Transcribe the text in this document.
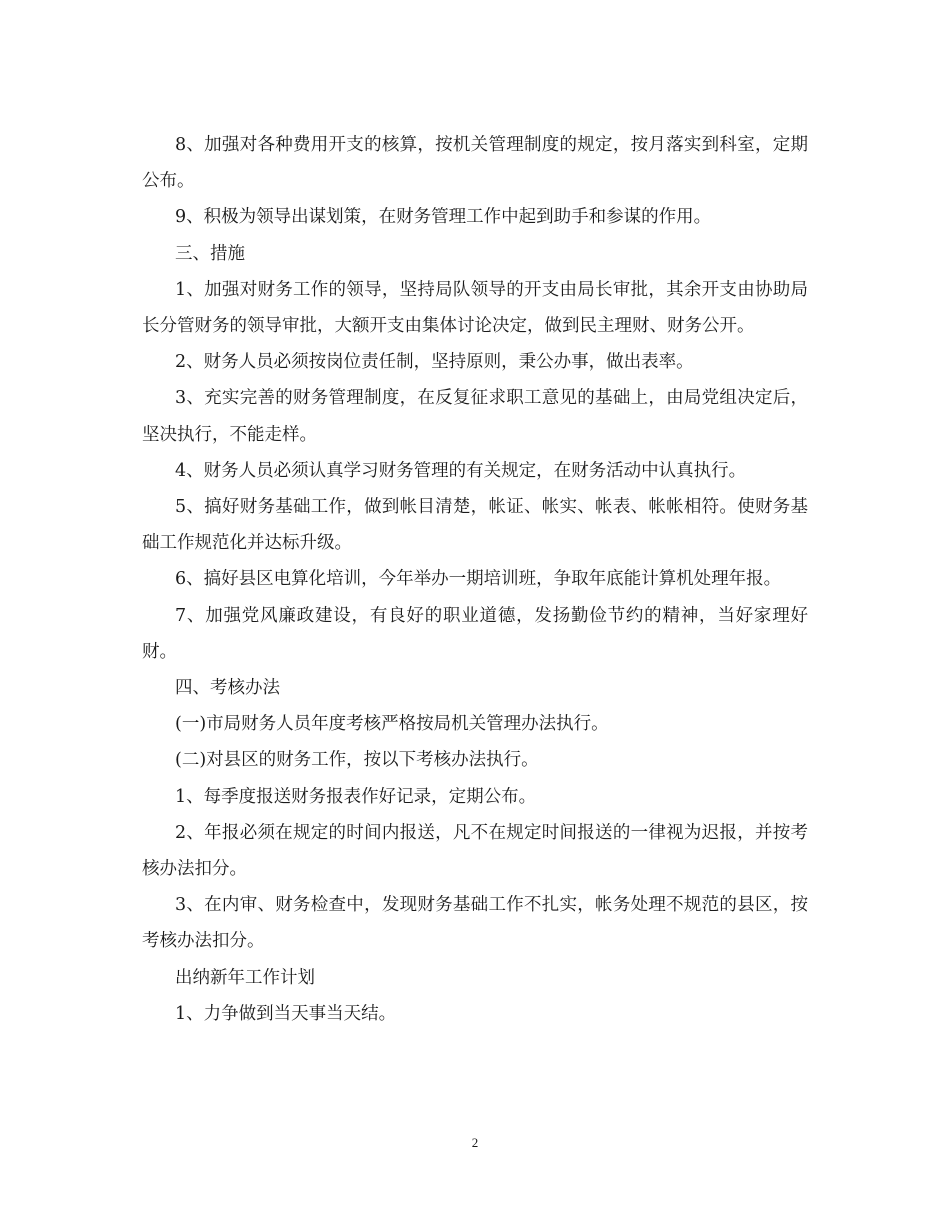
8、加强对各种费用开支的核算，按机关管理制度的规定，按月落实到科室，定期公布。

9、积极为领导出谋划策，在财务管理工作中起到助手和参谋的作用。

三、措施

1、加强对财务工作的领导，坚持局队领导的开支由局长审批，其余开支由协助局长分管财务的领导审批，大额开支由集体讨论决定，做到民主理财、财务公开。

2、财务人员必须按岗位责任制，坚持原则，秉公办事，做出表率。

3、充实完善的财务管理制度，在反复征求职工意见的基础上，由局党组决定后，坚决执行，不能走样。

4、财务人员必须认真学习财务管理的有关规定，在财务活动中认真执行。

5、搞好财务基础工作，做到帐目清楚，帐证、帐实、帐表、帐帐相符。使财务基础工作规范化并达标升级。

6、搞好县区电算化培训，今年举办一期培训班，争取年底能计算机处理年报。

7、加强党风廉政建设，有良好的职业道德，发扬勤俭节约的精神，当好家理好财。

四、考核办法

(一)市局财务人员年度考核严格按局机关管理办法执行。

(二)对县区的财务工作，按以下考核办法执行。

1、每季度报送财务报表作好记录，定期公布。

2、年报必须在规定的时间内报送，凡不在规定时间报送的一律视为迟报，并按考核办法扣分。

3、在内审、财务检查中，发现财务基础工作不扎实，帐务处理不规范的县区，按考核办法扣分。

出纳新年工作计划

1、力争做到当天事当天结。

2
